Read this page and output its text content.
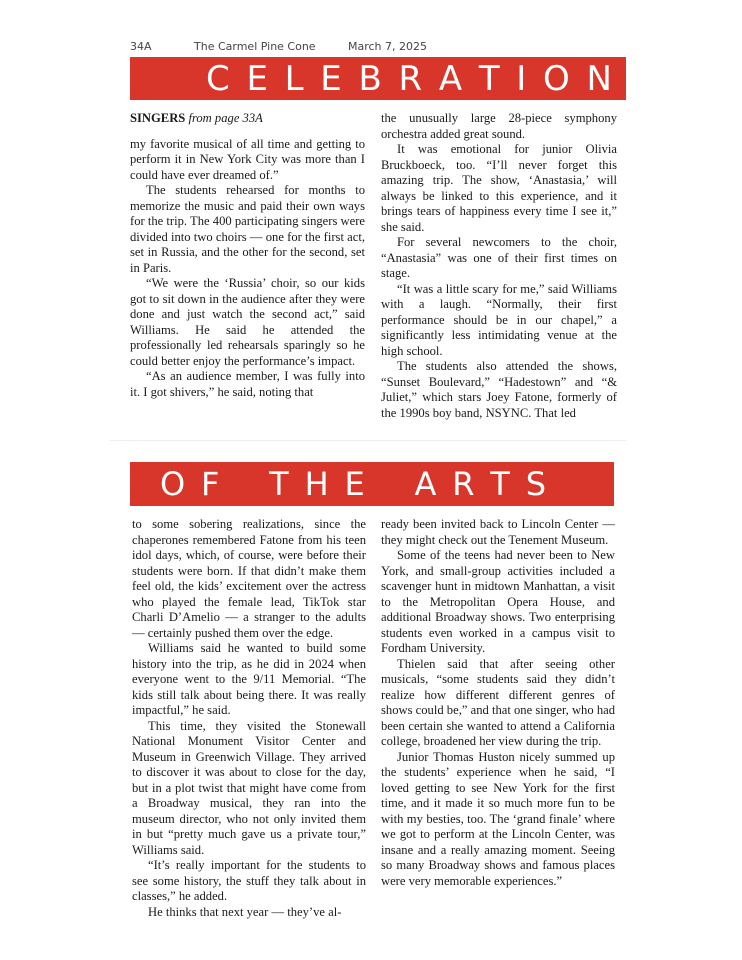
34A	The Carmel Pine Cone	March 7, 2025
C E L E B R A T I O N

SINGERS from page 33A

my favorite musical of all time and getting to perform it in New York City was more than I could have ever dreamed of.”

The students rehearsed for months to memorize the music and paid their own ways for the trip. The 400 participating singers were divided into two choirs — one for the first act, set in Russia, and the other for the second, set in Paris.

“We were the ‘Russia’ choir, so our kids got to sit down in the audience after they were done and just watch the second act,” said Williams. He said he attended the professionally led rehearsals sparingly so he could better enjoy the performance’s impact.

“As an audience member, I was fully into it. I got shivers,” he said, noting that

the unusually large 28-piece symphony orchestra added great sound.

It was emotional for junior Olivia Bruckboeck, too. “I’ll never forget this amazing trip. The show, ‘Anastasia,’ will always be linked to this experience, and it brings tears of happiness every time I see it,” she said.

For several newcomers to the choir, “Anastasia” was one of their first times on stage.

“It was a little scary for me,” said Williams with a laugh. “Normally, their first performance should be in our chapel,” a significantly less intimidating venue at the high school.

The students also attended the shows, “Sunset Boulevard,” “Hadestown” and “& Juliet,” which stars Joey Fatone, formerly of the 1990s boy band, NSYNC. That led

O F T H E A R T S

to some sobering realizations, since the chaperones remembered Fatone from his teen idol days, which, of course, were before their students were born. If that didn’t make them feel old, the kids’ excitement over the actress who played the female lead, TikTok star Charli D’Amelio — a stranger to the adults — certainly pushed them over the edge.

Williams said he wanted to build some history into the trip, as he did in 2024 when everyone went to the 9/11 Memorial. “The kids still talk about being there. It was really impactful,” he said.

This time, they visited the Stonewall National Monument Visitor Center and Museum in Greenwich Village. They arrived to discover it was about to close for the day, but in a plot twist that might have come from a Broadway musical, they ran into the museum director, who not only invited them in but “pretty much gave us a private tour,” Williams said.

“It’s really important for the students to see some history, the stuff they talk about in classes,” he added.

He thinks that next year — they’ve al-

ready been invited back to Lincoln Center — they might check out the Tenement Museum.

Some of the teens had never been to New York, and small-group activities included a scavenger hunt in midtown Manhattan, a visit to the Metropolitan Opera House, and additional Broadway shows. Two enterprising students even worked in a campus visit to Fordham University.

Thielen said that after seeing other musicals, “some students said they didn’t realize how different different genres of shows could be,” and that one singer, who had been certain she wanted to attend a California college, broadened her view during the trip.

Junior Thomas Huston nicely summed up the students’ experience when he said, “I loved getting to see New York for the first time, and it made it so much more fun to be with my besties, too. The ‘grand finale’ where we got to perform at the Lincoln Center, was insane and a really amazing moment. Seeing so many Broadway shows and famous places were very memorable experiences.”
